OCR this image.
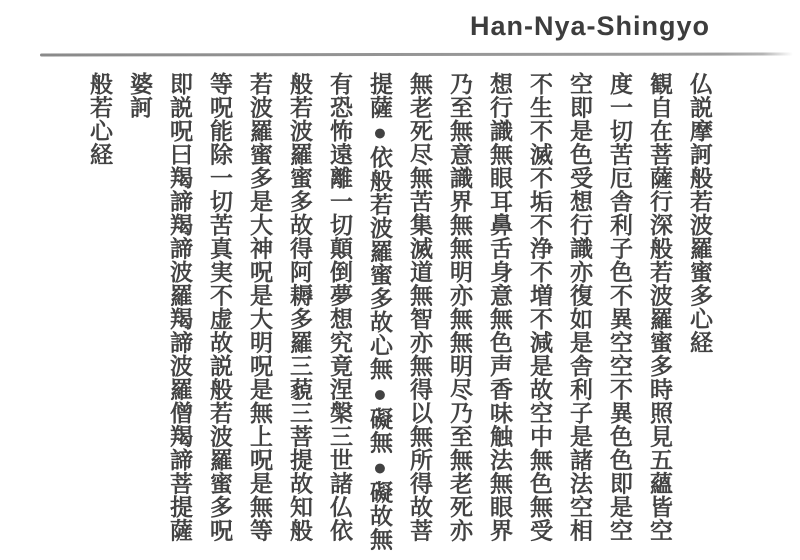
Han-Nya-Shingyo
仏説摩訶般若波羅蜜多心経
観自在菩薩行深般若波羅蜜多時照見五蘊皆空
度一切苦厄舎利子色不異空空不異色色即是空
空即是色受想行識亦復如是舎利子是諸法空相
不生不滅不垢不浄不増不減是故空中無色無受
想行識無眼耳鼻舌身意無色声香味触法無眼界
乃至無意識界無無明亦無無明尽乃至無老死亦
無老死尽無苦集滅道無智亦無得以無所得故菩
提薩●依般若波羅蜜多故心無●礙無●礙故無
有恐怖遠離一切顛倒夢想究竟涅槃三世諸仏依
般若波羅蜜多故得阿耨多羅三藐三菩提故知般
若波羅蜜多是大神呪是大明呪是無上呪是無等
等呪能除一切苦真実不虚故説般若波羅蜜多呪
即説呪曰羯諦羯諦波羅羯諦波羅僧羯諦菩提薩
婆訶
般若心経
